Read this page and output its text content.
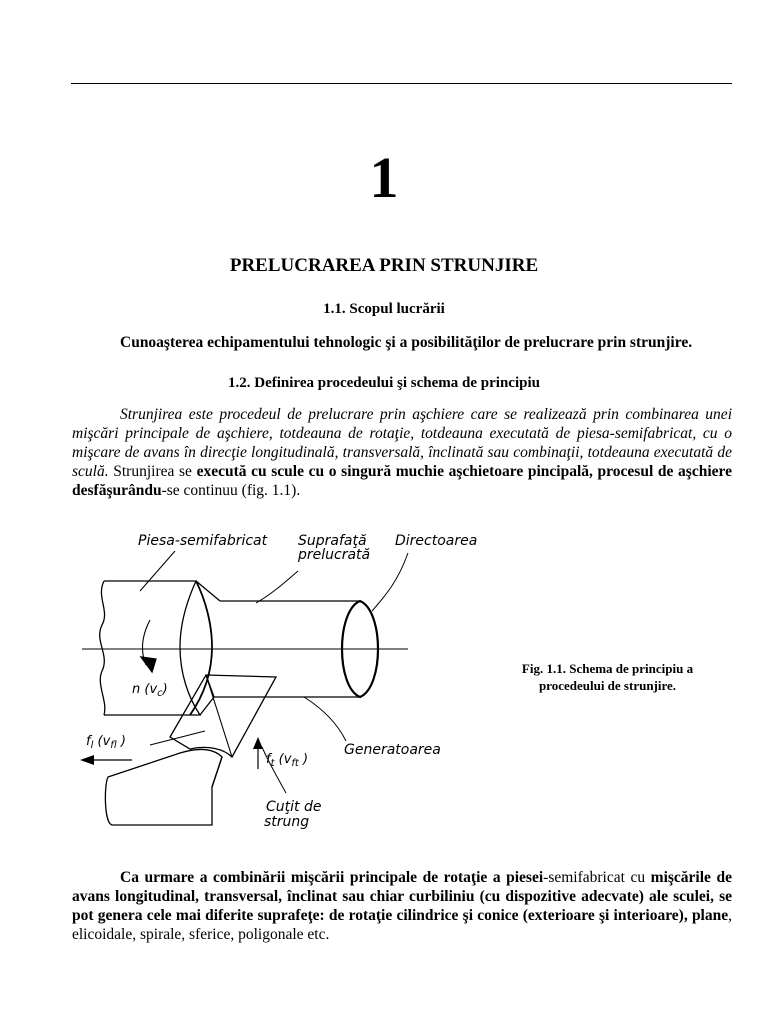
1
PRELUCRAREA PRIN STRUNJIRE
1.1. Scopul lucrării
Cunoaşterea echipamentului tehnologic şi a posibilităţilor de prelucrare prin strunjire.
1.2. Definirea procedeului şi schema de principiu
Strunjirea este procedeul de prelucrare prin aşchiere care se realizează prin combinarea unei mişcări principale de aşchiere, totdeauna de rotaţie, totdeauna executată de piesa-semifabricat, cu o mişcare de avans în direcţie longitudinală, transversală, înclinată sau combinaţii, totdeauna executată de sculă. Strunjirea se execută cu scule cu o singură muchie aşchietoare pincipală, procesul de aşchiere desfăşurându-se continuu (fig. 1.1).
Piesa-semifabricat Suprafaţă
prelucrată
Directoarea
Generatoarea
Cuţit de
strung
n $(v_c)$
$f_l$ ($v_{fl}$ )
$f_t$ ($v_{ft}$ )
Fig. 1.1. Schema de principiu a
procedeului de strunjire.
Ca urmare a combinării mişcării principale de rotaţie a piesei-semifabricat cu mişcările de avans longitudinal, transversal, înclinat sau chiar curbiliniu (cu dispozitive adecvate) ale sculei, se pot genera cele mai diferite suprafeţe: de rotaţie cilindrice şi conice (exterioare şi interioare), plane, elicoidale, spirale, sferice, poligonale etc.
